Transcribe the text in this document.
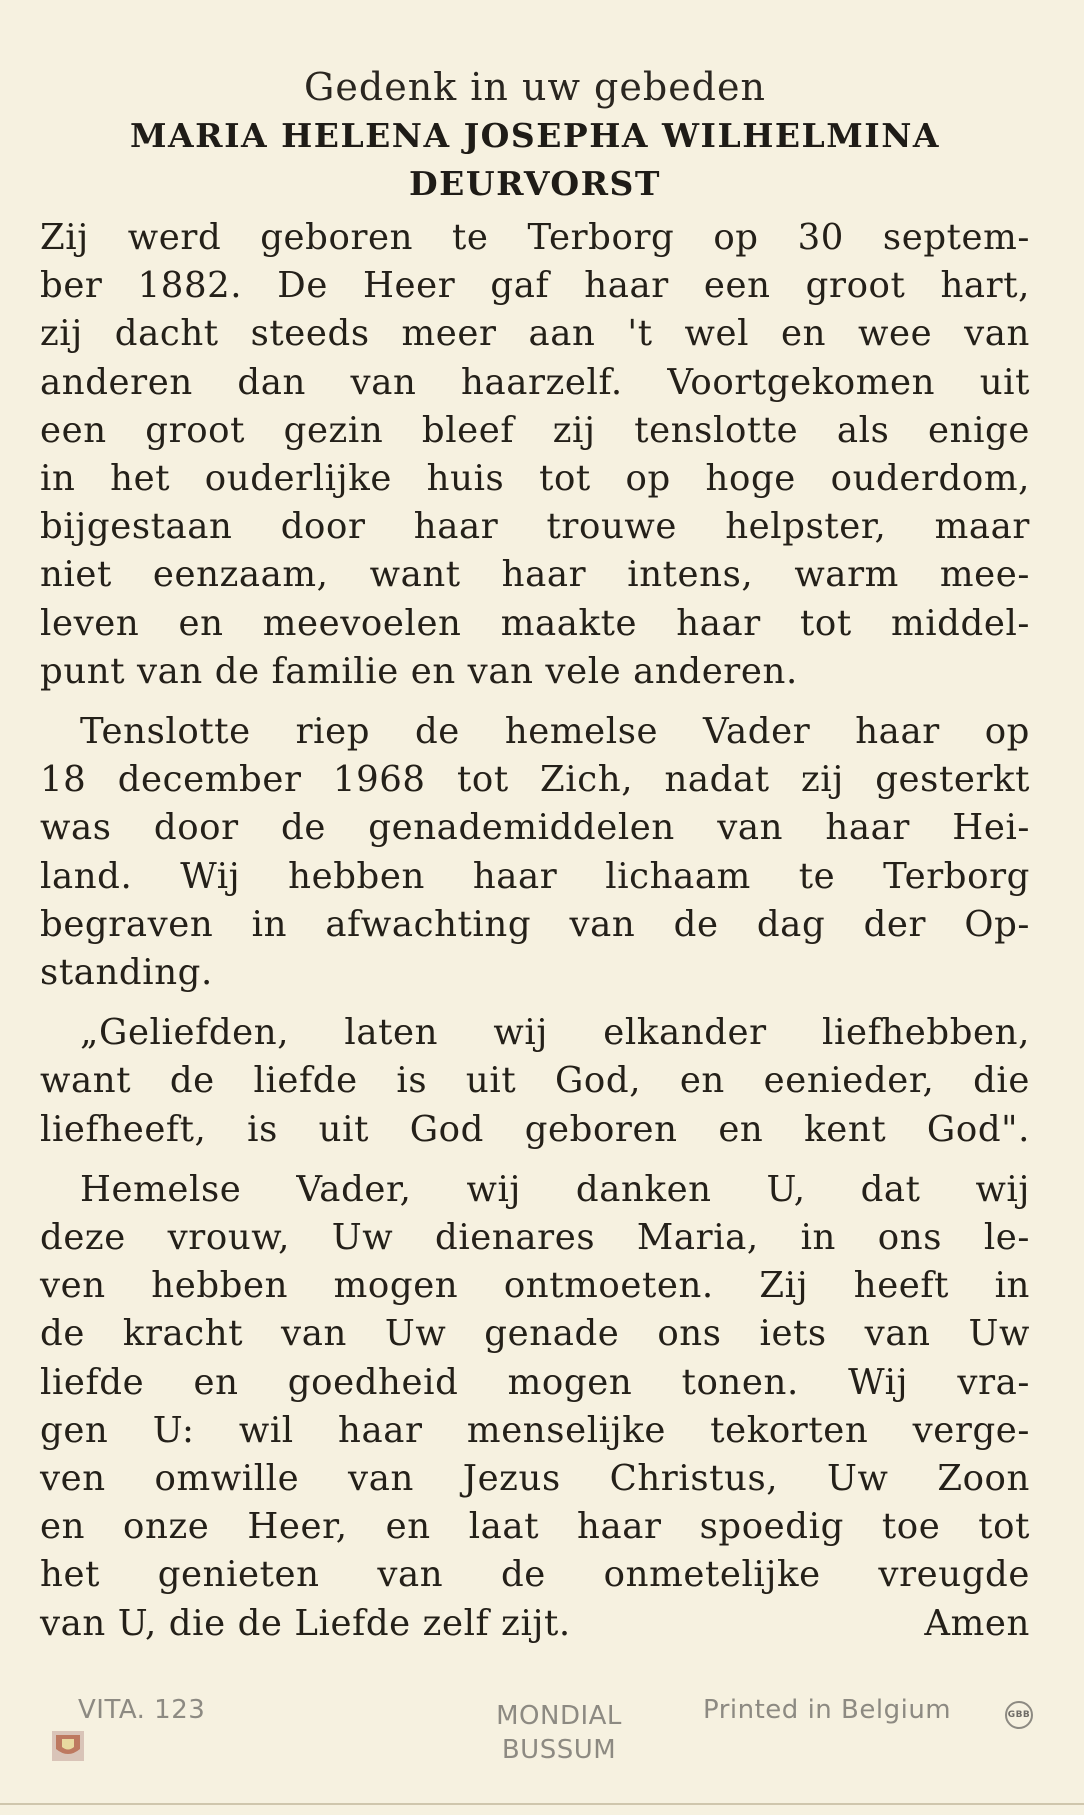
Gedenk in uw gebeden

MARIA HELENA JOSEPHA WILHELMINA

DEURVORST

Zij werd geboren te Terborg op 30 septem-
ber 1882. De Heer gaf haar een groot hart,
zij dacht steeds meer aan 't wel en wee van
anderen dan van haarzelf. Voortgekomen uit
een groot gezin bleef zij tenslotte als enige
in het ouderlijke huis tot op hoge ouderdom,
bijgestaan door haar trouwe helpster, maar
niet eenzaam, want haar intens, warm mee-
leven en meevoelen maakte haar tot middel-
punt van de familie en van vele anderen.
Tenslotte riep de hemelse Vader haar op
18 december 1968 tot Zich, nadat zij gesterkt
was door de genademiddelen van haar Hei-
land. Wij hebben haar lichaam te Terborg
begraven in afwachting van de dag der Op-
standing.
„Geliefden, laten wij elkander liefhebben,
want de liefde is uit God, en eenieder, die
liefheeft, is uit God geboren en kent God".
Hemelse Vader, wij danken U, dat wij
deze vrouw, Uw dienares Maria, in ons le-
ven hebben mogen ontmoeten. Zij heeft in
de kracht van Uw genade ons iets van Uw
liefde en goedheid mogen tonen. Wij vra-
gen U: wil haar menselijke tekorten verge-
ven omwille van Jezus Christus, Uw Zoon
en onze Heer, en laat haar spoedig toe tot
het genieten van de onmetelijke vreugde
van U, die de Liefde zelf zijt.	Amen
VITA. 123	MONDIAL
BUSSUM
Printed in Belgium	GBB
